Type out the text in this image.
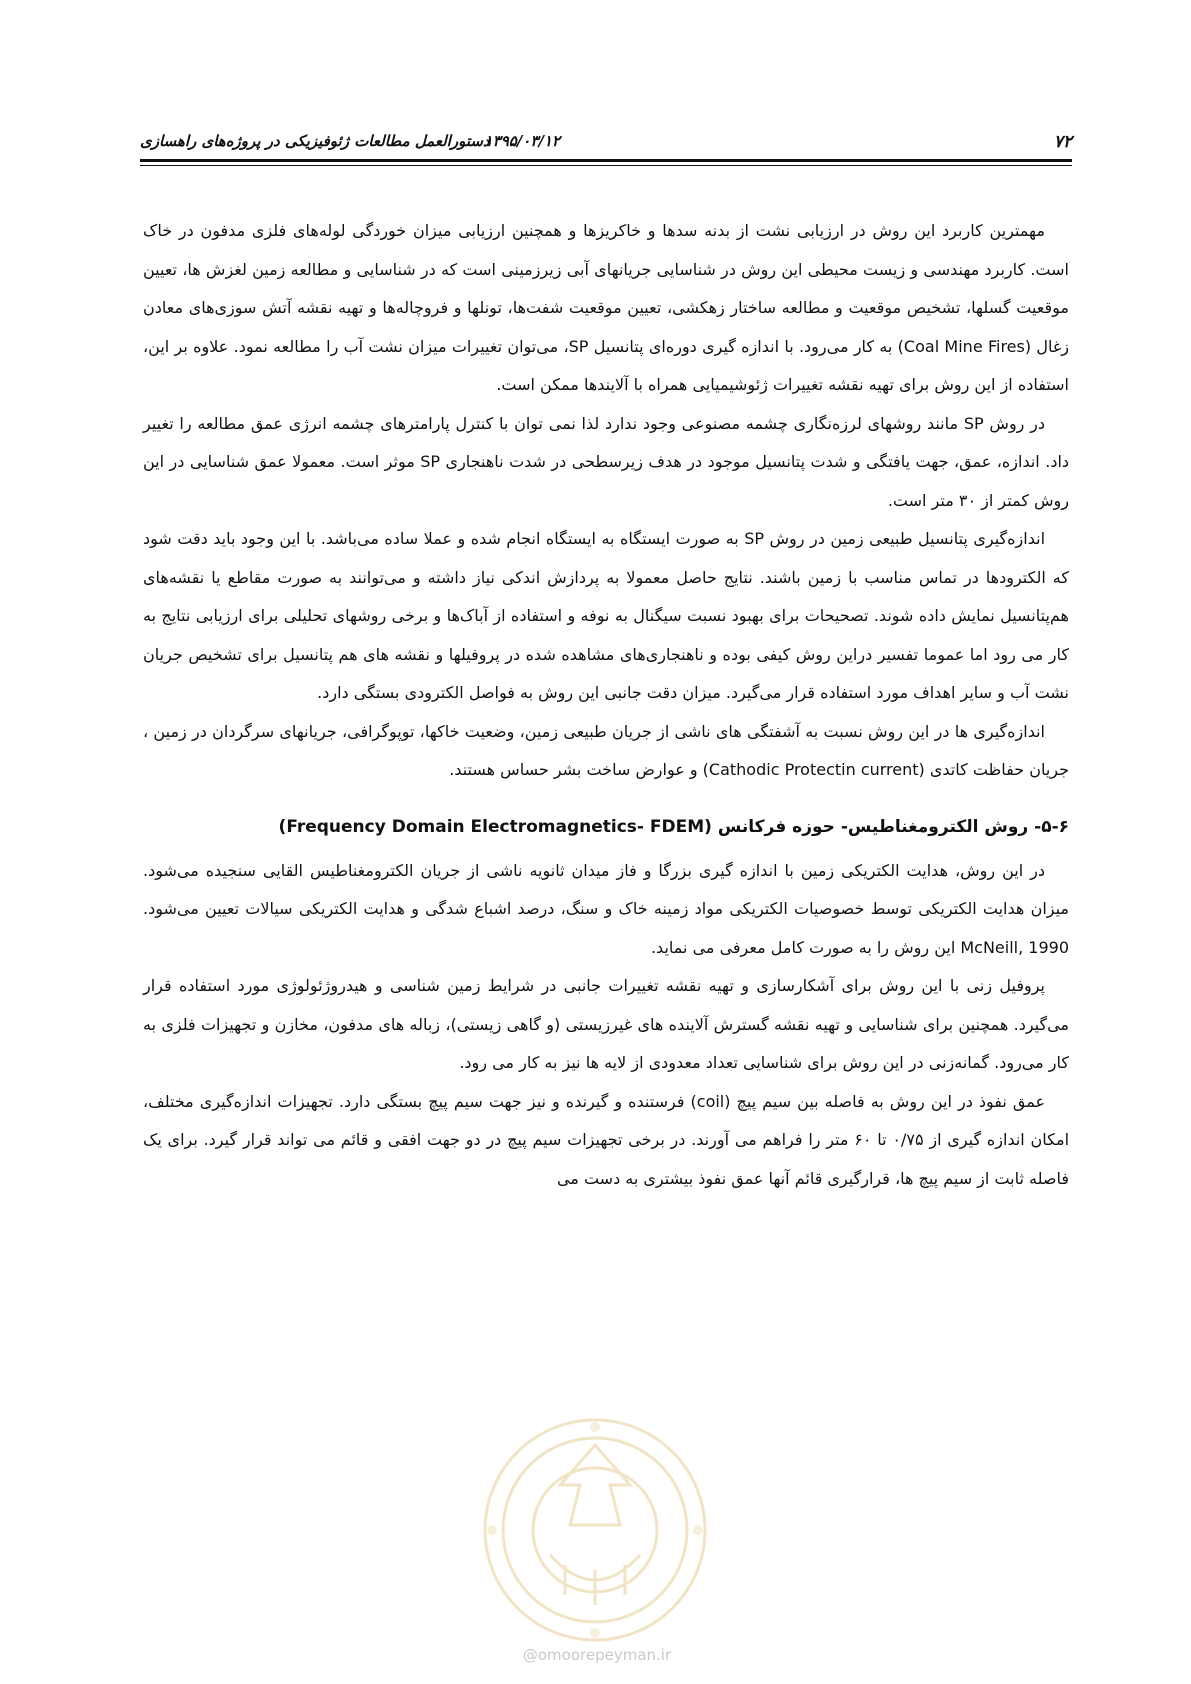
۷۲
۱۳۹۵/۰۳/۱۲
دستورالعمل مطالعات ژئوفیزیکی در پروژه‌های راهسازی

مهمترین کاربرد این روش در ارزیابی نشت از بدنه سدها و خاکریزها و همچنین ارزیابی میزان خوردگی لوله‌های فلزی مدفون در خاک است. کاربرد مهندسی و زیست محیطی این روش در شناسایی جریانهای آبی زیرزمینی است که در شناسایی و مطالعه زمین لغزش ها، تعیین موقعیت گسلها، تشخیص موقعیت و مطالعه ساختار زهکشی، تعیین موقعیت شفت‌ها، تونلها و فروچاله‌ها و تهیه نقشه آتش سوزی‌های معادن زغال (Coal Mine Fires) به کار می‌رود. با اندازه گیری دوره‌ای پتانسیل SP، می‌توان تغییرات میزان نشت آب را مطالعه نمود. علاوه بر این، استفاده از این روش برای تهیه نقشه تغییرات ژئوشیمیایی همراه با آلایندها ممکن است.

در روش SP مانند روشهای لرزه‌نگاری چشمه مصنوعی وجود ندارد لذا نمی توان با کنترل پارامترهای چشمه انرژی عمق مطالعه را تغییر داد. اندازه، عمق، جهت یافتگی و شدت پتانسیل موجود در هدف زیرسطحی در شدت ناهنجاری SP موثر است. معمولا عمق شناسایی در این روش کمتر از ۳۰ متر است.

اندازه‌گیری پتانسیل طبیعی زمین در روش SP به صورت ایستگاه به ایستگاه انجام شده و عملا ساده می‌باشد. با این وجود باید دقت شود که الکترودها در تماس مناسب با زمین باشند. نتایج حاصل معمولا به پردازش اندکی نیاز داشته و می‌توانند به صورت مقاطع یا نقشه‌های هم‌پتانسیل نمایش داده شوند. تصحیحات برای بهبود نسبت سیگنال به نوفه و استفاده از آباک‌ها و برخی روشهای تحلیلی برای ارزیابی نتایج به کار می رود اما عموما تفسیر دراین روش کیفی بوده و ناهنجاری‌های مشاهده شده در پروفیلها و نقشه های هم پتانسیل برای تشخیص جریان نشت آب و سایر اهداف مورد استفاده قرار می‌گیرد. میزان دقت جانبی این روش به فواصل الکترودی بستگی دارد.

اندازه‌گیری ها در این روش نسبت به آشفتگی های ناشی از جریان طبیعی زمین، وضعیت خاکها، توپوگرافی، جریانهای سرگردان در زمین ، جریان حفاظت کاتدی (Cathodic Protectin current) و عوارض ساخت بشر حساس هستند.

۵-۶- روش الکترومغناطیس- حوزه فرکانس (Frequency Domain Electromagnetics- FDEM)

در این روش، هدایت الکتریکی زمین با اندازه گیری بزرگا و فاز میدان ثانویه ناشی از جریان الکترومغناطیس القایی سنجیده می‌شود. میزان هدایت الکتریکی توسط خصوصیات الکتریکی مواد زمینه خاک و سنگ، درصد اشباع شدگی و هدایت الکتریکی سیالات تعیین می‌شود. McNeill, 1990 این روش را به صورت کامل معرفی می نماید.

پروفیل زنی با این روش برای آشکارسازی و تهیه نقشه تغییرات جانبی در شرایط زمین شناسی و هیدروژئولوژی مورد استفاده قرار می‌گیرد. همچنین برای شناسایی و تهیه نقشه گسترش آلاینده های غیرزیستی (و گاهی زیستی)، زباله های مدفون، مخازن و تجهیزات فلزی به کار می‌رود. گمانه‌زنی در این روش برای شناسایی تعداد معدودی از لایه ها نیز به کار می رود.

عمق نفوذ در این روش به فاصله بین سیم پیچ (coil) فرستنده و گیرنده و نیز جهت سیم پیچ بستگی دارد. تجهیزات اندازه‌گیری مختلف، امکان اندازه گیری از ۰/۷۵ تا ۶۰ متر را فراهم می آورند. در برخی تجهیزات سیم پیچ در دو جهت افقی و قائم می تواند قرار گیرد. برای یک فاصله ثابت از سیم پیچ ها، قرارگیری قائم آنها عمق نفوذ بیشتری به دست می

@omoorepeyman.ir
